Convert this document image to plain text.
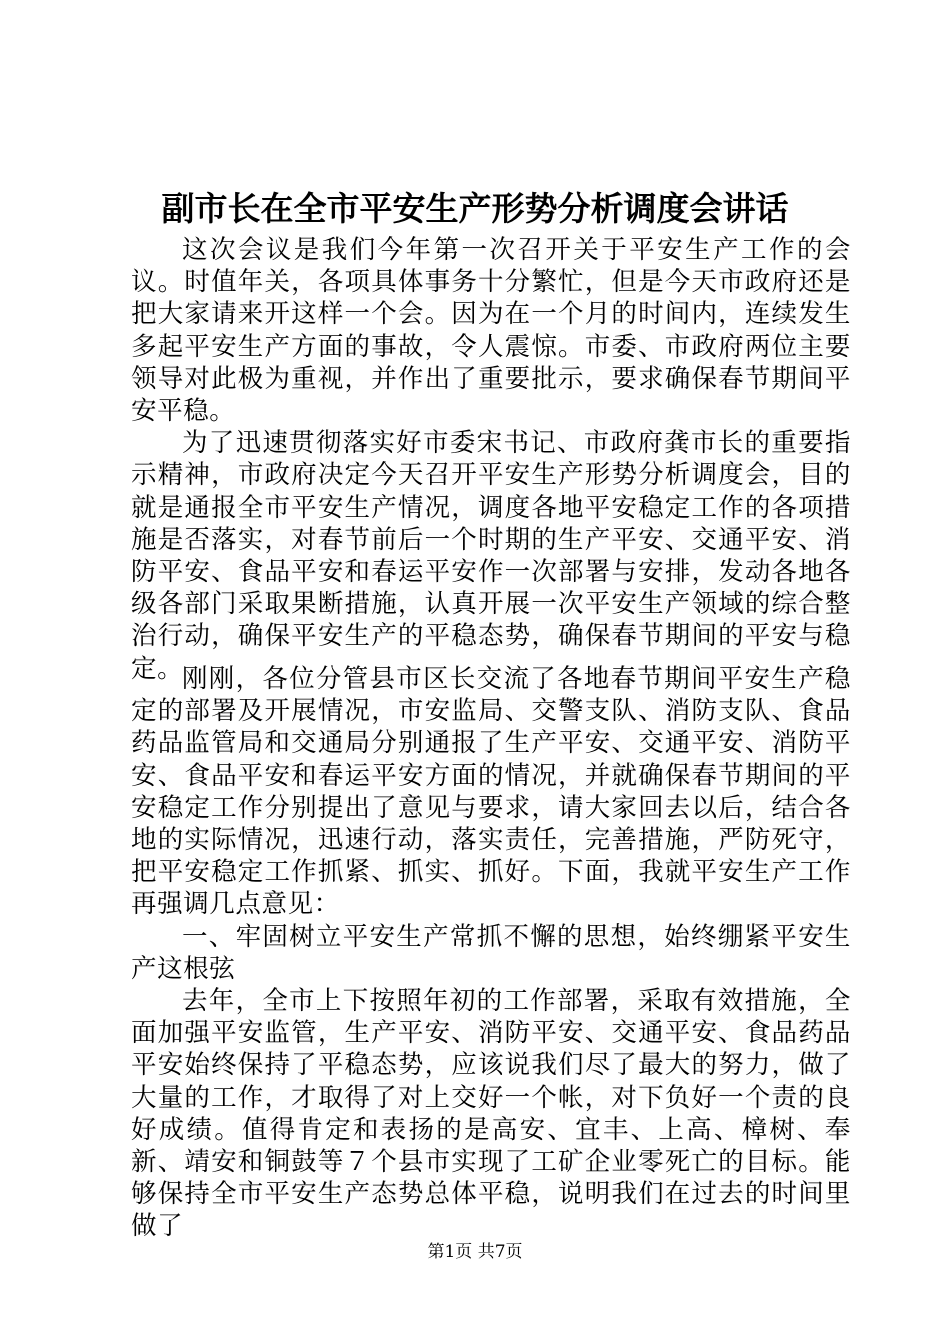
副市长在全市平安生产形势分析调度会讲话

这次会议是我们今年第一次召开关于平安生产工作的会议。时值年关，各项具体事务十分繁忙，但是今天市政府还是把大家请来开这样一个会。因为在一个月的时间内，连续发生多起平安生产方面的事故，令人震惊。市委、市政府两位主要领导对此极为重视，并作出了重要批示，要求确保春节期间平安平稳。

为了迅速贯彻落实好市委宋书记、市政府龚市长的重要指示精神，市政府决定今天召开平安生产形势分析调度会，目的就是通报全市平安生产情况，调度各地平安稳定工作的各项措施是否落实，对春节前后一个时期的生产平安、交通平安、消防平安、食品平安和春运平安作一次部署与安排，发动各地各级各部门采取果断措施，认真开展一次平安生产领域的综合整治行动，确保平安生产的平稳态势，确保春节期间的平安与稳定。

刚刚，各位分管县市区长交流了各地春节期间平安生产稳定的部署及开展情况，市安监局、交警支队、消防支队、食品药品监管局和交通局分别通报了生产平安、交通平安、消防平安、食品平安和春运平安方面的情况，并就确保春节期间的平安稳定工作分别提出了意见与要求，请大家回去以后，结合各地的实际情况，迅速行动，落实责任，完善措施，严防死守，把平安稳定工作抓紧、抓实、抓好。下面，我就平安生产工作再强调几点意见：

一、牢固树立平安生产常抓不懈的思想，始终绷紧平安生产这根弦

去年，全市上下按照年初的工作部署，采取有效措施，全面加强平安监管，生产平安、消防平安、交通平安、食品药品平安始终保持了平稳态势，应该说我们尽了最大的努力，做了大量的工作，才取得了对上交好一个帐，对下负好一个责的良好成绩。值得肯定和表扬的是高安、宜丰、上高、樟树、奉新、靖安和铜鼓等７个县市实现了工矿企业零死亡的目标。能够保持全市平安生产态势总体平稳，说明我们在过去的时间里做了

第1页 共7页
